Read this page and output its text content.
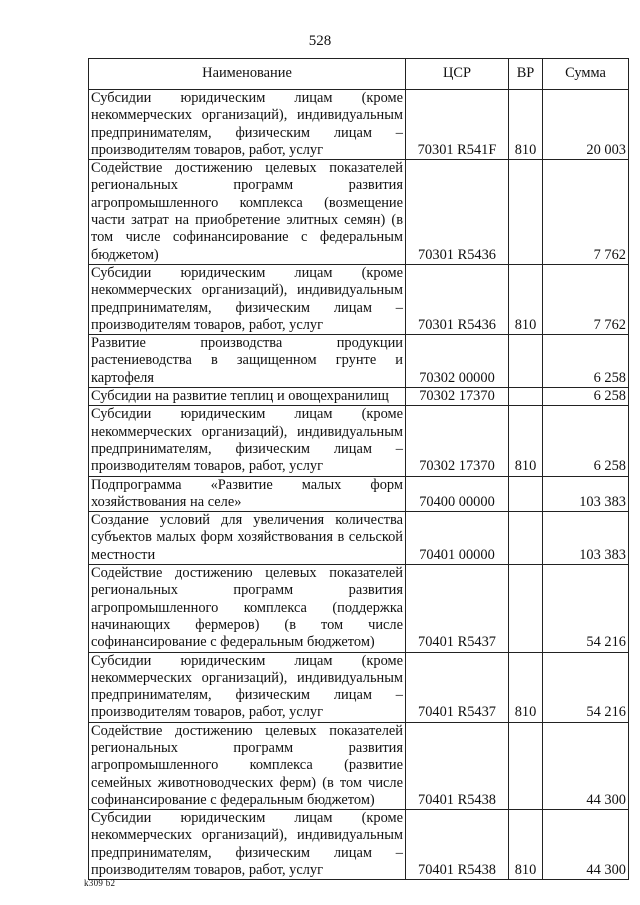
528
Наименование	ЦСР	ВР	Сумма
Субсидии юридическим лицам (кроме некоммерческих организаций), индивидуальным предпринимателям, физическим лицам – производителям товаров, работ, услуг	70301 R541F	810	20 003
Содействие достижению целевых показателей региональных программ развития агропромышленного комплекса (возмещение части затрат на приобретение элитных семян) (в том числе софинансирование с федеральным бюджетом)	70301 R5436		7 762
Субсидии юридическим лицам (кроме некоммерческих организаций), индивидуальным предпринимателям, физическим лицам – производителям товаров, работ, услуг	70301 R5436	810	7 762
Развитие производства продукции растениеводства в защищенном грунте и картофеля	70302 00000		6 258
Субсидии на развитие теплиц и овощехранилищ	70302 17370		6 258
Субсидии юридическим лицам (кроме некоммерческих организаций), индивидуальным предпринимателям, физическим лицам – производителям товаров, работ, услуг	70302 17370	810	6 258
Подпрограмма «Развитие малых форм хозяйствования на селе»	70400 00000		103 383
Создание условий для увеличения количества субъектов малых форм хозяйствования в сельской местности	70401 00000		103 383
Содействие достижению целевых показателей региональных программ развития агропромышленного комплекса (поддержка начинающих фермеров) (в том числе софинансирование с федеральным бюджетом)	70401 R5437		54 216
Субсидии юридическим лицам (кроме некоммерческих организаций), индивидуальным предпринимателям, физическим лицам – производителям товаров, работ, услуг	70401 R5437	810	54 216
Содействие достижению целевых показателей региональных программ развития агропромышленного комплекса (развитие семейных животноводческих ферм) (в том числе софинансирование с федеральным бюджетом)	70401 R5438		44 300
Субсидии юридическим лицам (кроме некоммерческих организаций), индивидуальным предпринимателям, физическим лицам – производителям товаров, работ, услуг	70401 R5438	810	44 300
k309 b2
